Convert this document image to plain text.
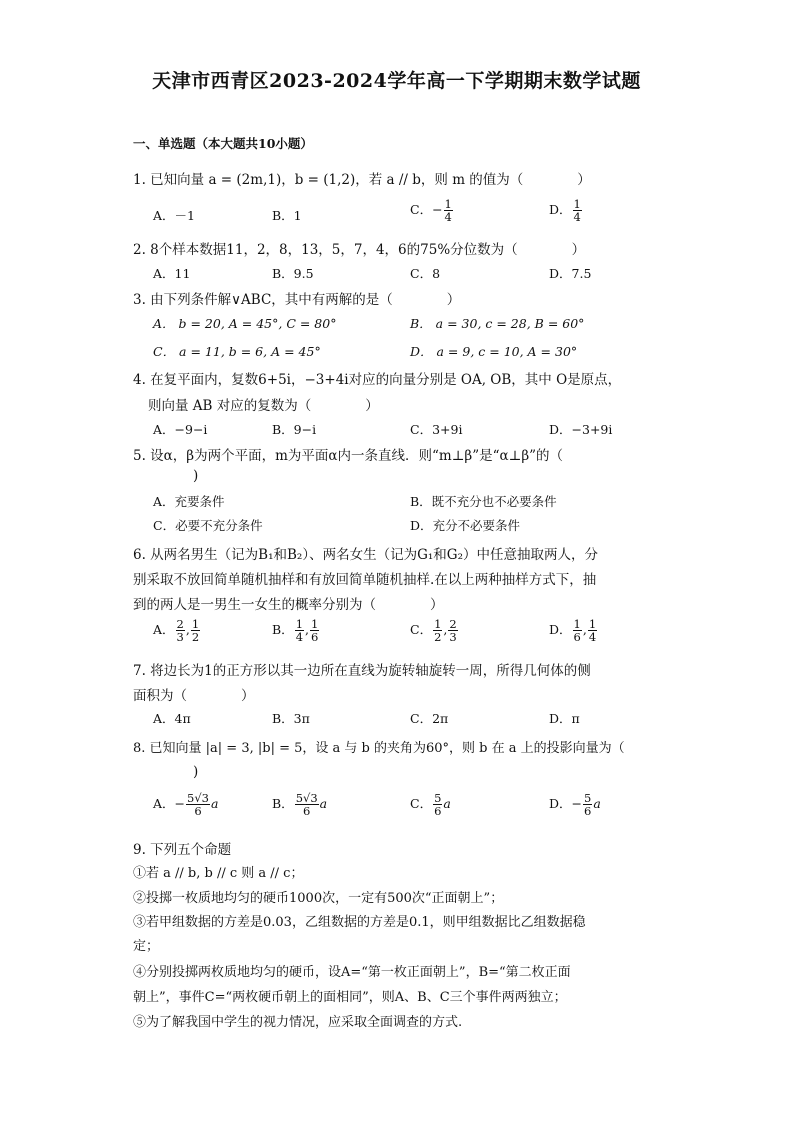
天津市西青区2023-2024学年高一下学期期末数学试题
一、单选题（本大题共10小题）
1. 已知向量 a = (2m,1)，b = (1,2)，若 a // b，则 m 的值为（　　　　）
A．－1	B．1	C．− $\frac{1}{4}$	D． $\frac{1}{4}$
2. 8个样本数据11，2，8，13，5，7，4，6的75%分位数为（　　　　）
A．11	B．9.5	C．8	D．7.5
3. 由下列条件解∨ABC，其中有两解的是（　　　　）
A． b = 20, A = 45°, C = 80°	B． a = 30, c = 28, B = 60°
C． a = 11, b = 6, A = 45°	D． a = 9, c = 10, A = 30°
4. 在复平面内，复数6+5i，−3+4i对应的向量分别是 OA, OB，其中 O是原点，
则向量 AB 对应的复数为（　　　　）
A．−9−i	B．9−i	C．3+9i	D．−3+9i
5. 设α，β为两个平面，m为平面α内一条直线．则“m⊥β”是“α⊥β”的（
)
A．充要条件	B．既不充分也不必要条件
C．必要不充分条件	D．充分不必要条件
6. 从两名男生（记为B₁和B₂）、两名女生（记为G₁和G₂）中任意抽取两人，分
别采取不放回简单随机抽样和有放回简单随机抽样.在以上两种抽样方式下，抽
到的两人是一男生一女生的概率分别为（　　　　）
A． $\frac{2}{3}$ , $\frac{1}{2}$	B． $\frac{1}{4}$ , $\frac{1}{6}$	C． $\frac{1}{2}$ , $\frac{2}{3}$	D． $\frac{1}{6}$ , $\frac{1}{4}$
7. 将边长为1的正方形以其一边所在直线为旋转轴旋转一周，所得几何体的侧
面积为（　　　　）
A．4π	B．3π	C．2π	D．π
8. 已知向量 |a| = 3, |b| = 5，设 a 与 b 的夹角为60°，则 b 在 a 上的投影向量为（
)
A．− $\frac{5√3}{6}$ a	B． $\frac{5√3}{6}$ a	C． $\frac{5}{6}$ a	D．− $\frac{5}{6}$ a
9. 下列五个命题
①若 a // b, b // c 则 a // c；
②投掷一枚质地均匀的硬币1000次，一定有500次“正面朝上”；
③若甲组数据的方差是0.03，乙组数据的方差是0.1，则甲组数据比乙组数据稳
定；
④分别投掷两枚质地均匀的硬币，设A=“第一枚正面朝上”，B=“第二枚正面
朝上”，事件C=“两枚硬币朝上的面相同”，则A、B、C三个事件两两独立；
⑤为了解我国中学生的视力情况，应采取全面调查的方式.
